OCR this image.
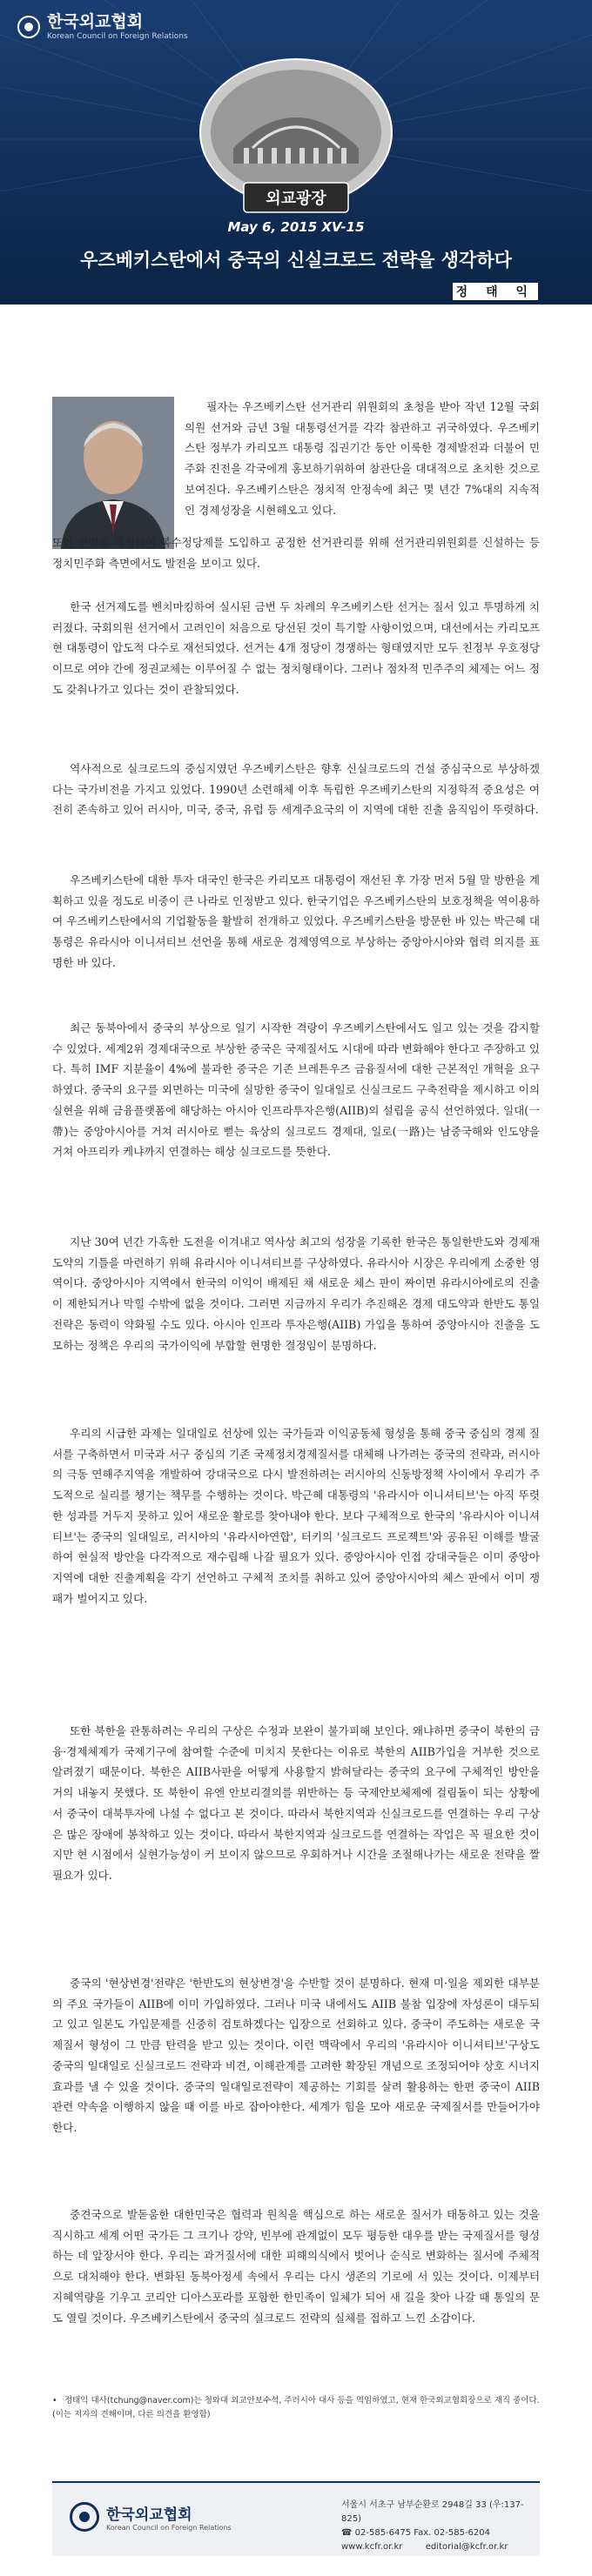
한국외교협회
Korean Council on Foreign Relations
외교광장
May 6, 2015 XV-15
우즈베키스탄에서 중국의 신실크로드 전략을 생각하다
정 태 익
필자는 우즈베키스탄 선거관리 위원회의 초청을 받아 작년 12월 국회의원 선거와 금년 3월 대통령선거를 각각 참관하고 귀국하였다. 우즈베키스탄 정부가 카리모프 대통령 집권기간 동안 이룩한 경제발전과 더불어 민주화 진전을 각국에게 홍보하기위하여 참관단을 대대적으로 초치한 것으로 보여진다. 우즈베키스탄은 정치적 안정속에 최근 몇 년간 7%대의 지속적인 경제성장을 시현해오고 있다.
또한 헌법을 개정하여 복수정당제를 도입하고 공정한 선거관리를 위해 선거관리위원회를 신설하는 등 정치민주화 측면에서도 발전을 보이고 있다.
한국 선거제도를 벤치마킹하여 실시된 금번 두 차례의 우즈베키스탄 선거는 질서 있고 투명하게 치러졌다. 국회의원 선거에서 고려인이 처음으로 당선된 것이 특기할 사항이었으며, 대선에서는 카리모프 현 대통령이 압도적 다수로 재선되었다. 선거는 4개 정당이 경쟁하는 형태였지만 모두 친정부 우호정당이므로 여야 간에 정권교체는 이루어질 수 없는 정치형태이다. 그러나 점차적 민주주의 체제는 어느 정도 갖춰나가고 있다는 것이 관찰되었다.
역사적으로 실크로드의 중심지였던 우즈베키스탄은 향후 신실크로드의 건설 중심국으로 부상하겠다는 국가비전을 가지고 있었다. 1990년 소련해체 이후 독립한 우즈베키스탄의 지정학적 중요성은 여전히 존속하고 있어 러시아, 미국, 중국, 유럽 등 세계주요국의 이 지역에 대한 진출 움직임이 뚜렷하다.
우즈베키스탄에 대한 투자 대국인 한국은 카리모프 대통령이 재선된 후 가장 먼저 5월 말 방한을 계획하고 있을 정도로 비중이 큰 나라로 인정받고 있다. 한국기업은 우즈베키스탄의 보호정책을 역이용하여 우즈베키스탄에서의 기업활동을 활발히 전개하고 있었다. 우즈베키스탄을 방문한 바 있는 박근혜 대통령은 유라시아 이니셔티브 선언을 통해 새로운 경제영역으로 부상하는 중앙아시아와 협력 의지를 표명한 바 있다.
최근 동북아에서 중국의 부상으로 일기 시작한 격랑이 우즈베키스탄에서도 일고 있는 것을 감지할 수 있었다. 세계2위 경제대국으로 부상한 중국은 국제질서도 시대에 따라 변화해야 한다고 주장하고 있다. 특히 IMF 지분율이 4%에 불과한 중국은 기존 브레튼우즈 금융질서에 대한 근본적인 개혁을 요구하였다. 중국의 요구를 외면하는 미국에 실망한 중국이 일대일로 신실크로드 구축전략을 제시하고 이의 실현을 위해 금융플랫폼에 해당하는 아시아 인프라투자은행(AIIB)의 설립을 공식 선언하였다. 일대(一帶)는 중앙아시아를 거쳐 러시아로 뻗는 육상의 실크로드 경제대, 일로(一路)는 남중국해와 인도양을 거쳐 아프리카 케냐까지 연결하는 해상 실크로드를 뜻한다.
지난 30여 년간 가혹한 도전을 이겨내고 역사상 최고의 성장을 기록한 한국은 통일한반도와 경제재도약의 기틀을 마련하기 위해 유라시아 이니셔티브를 구상하였다. 유라시아 시장은 우리에게 소중한 영역이다. 중앙아시아 지역에서 한국의 이익이 배제된 채 새로운 체스 판이 짜이면 유라시아에로의 진출이 제한되거나 막힐 수밖에 없을 것이다. 그러면 지금까지 우리가 추진해온 경제 대도약과 한반도 통일전략은 동력이 약화될 수도 있다. 아시아 인프라 투자은행(AIIB) 가입을 통하여 중앙아시아 진출을 도모하는 정책은 우리의 국가이익에 부합할 현명한 결정임이 분명하다.
우리의 시급한 과제는 일대일로 선상에 있는 국가들과 이익공동체 형성을 통해 중국 중심의 경제 질서를 구축하면서 미국과 서구 중심의 기존 국제정치경제질서를 대체해 나가려는 중국의 전략과, 러시아의 극동 연해주지역을 개발하여 강대국으로 다시 발전하려는 러시아의 신동방정책 사이에서 우리가 주도적으로 실리를 챙기는 책무를 수행하는 것이다. 박근혜 대통령의 '유라시아 이니셔티브'는 아직 뚜렷한 성과를 거두지 못하고 있어 새로운 활로를 찾아내야 한다. 보다 구체적으로 한국의 '유라시아 이니셔티브'는 중국의 일대일로, 러시아의 '유라시아연합', 터키의 '실크로드 프로젝트'와 공유된 이해를 발굴하여 현실적 방안을 다각적으로 재수립해 나갈 필요가 있다. 중앙아시아 인접 강대국들은 이미 중앙아 지역에 대한 진출계획을 각기 선언하고 구체적 조치를 취하고 있어 중앙아시아의 체스 판에서 이미 쟁패가 벌어지고 있다.
또한 북한을 관통하려는 우리의 구상은 수정과 보완이 불가피해 보인다. 왜냐하면 중국이 북한의 금융·경제체제가 국제기구에 참여할 수준에 미치지 못한다는 이유로 북한의 AIIB가입을 거부한 것으로 알려졌기 때문이다. 북한은 AIIB사판을 어떻게 사용할지 밝혀달라는 중국의 요구에 구체적인 방안을 거의 내놓지 못했다. 또 북한이 유엔 안보리결의를 위반하는 등 국제안보체제에 걸림돌이 되는 상황에서 중국이 대북투자에 나설 수 없다고 본 것이다. 따라서 북한지역과 신실크로드를 연결하는 우리 구상은 많은 장애에 봉착하고 있는 것이다. 따라서 북한지역과 실크로드를 연결하는 작업은 꼭 필요한 것이지만 현 시점에서 실현가능성이 커 보이지 않으므로 우회하거나 시간을 조절해나가는 새로운 전략을 짤 필요가 있다.
중국의 '현상변경'전략은 '한반도의 현상변경'을 수반할 것이 분명하다. 현재 미·일을 제외한 대부분의 주요 국가들이 AIIB에 이미 가입하였다. 그러나 미국 내에서도 AIIB 불참 입장에 자성론이 대두되고 있고 일본도 가입문제를 신중히 검토하겠다는 입장으로 선회하고 있다. 중국이 주도하는 새로운 국제질서 형성이 그 만큼 탄력을 받고 있는 것이다. 이런 맥락에서 우리의 '유라시아 이니셔티브'구상도 중국의 일대일로 신실크로드 전략과 비견, 이해관계를 고려한 확장된 개념으로 조정되어야 상호 시너지 효과를 낼 수 있을 것이다. 중국의 일대일로전략이 제공하는 기회를 살려 활용하는 한편 중국이 AIIB 관련 약속을 이행하지 않을 때 이를 바로 잡아야한다. 세계가 힘을 모아 새로운 국제질서를 만들어가야 한다.
중견국으로 발돋움한 대한민국은 협력과 원칙을 핵심으로 하는 새로운 질서가 태동하고 있는 것을 직시하고 세계 어떤 국가든 그 크기나 강약, 빈부에 관계없이 모두 평등한 대우를 받는 국제질서를 형성하는 데 앞장서야 한다. 우리는 과거질서에 대한 피해의식에서 벗어나 순식로 변화하는 질서에 주체적으로 대처해야 한다. 변화된 동북아정세 속에서 우리는 다시 생존의 기로에 서 있는 것이다. 이제부터 지혜역량을 기우고 코리안 디아스포라를 포함한 한민족이 일체가 되어 새 길을 찾아 나갈 때 통일의 문도 열릴 것이다. 우즈베키스탄에서 중국의 실크로드 전략의 실체를 접하고 느낀 소감이다.
• 정태익 대사(tchung@naver.com)는 청와대 외교안보수석, 주러시아 대사 등을 역임하였고, 현재 한국외교협회장으로 재직 중이다. (이는 저자의 견해이며, 다른 의견을 환영함)
한국외교협회
Korean Council on Foreign Relations
서울시 서초구 남부순환로 2948길 33 (우:137-825)
☎ 02-585-6475 Fax. 02-585-6204
www.kcfr.or.kr	editorial@kcfr.or.kr
